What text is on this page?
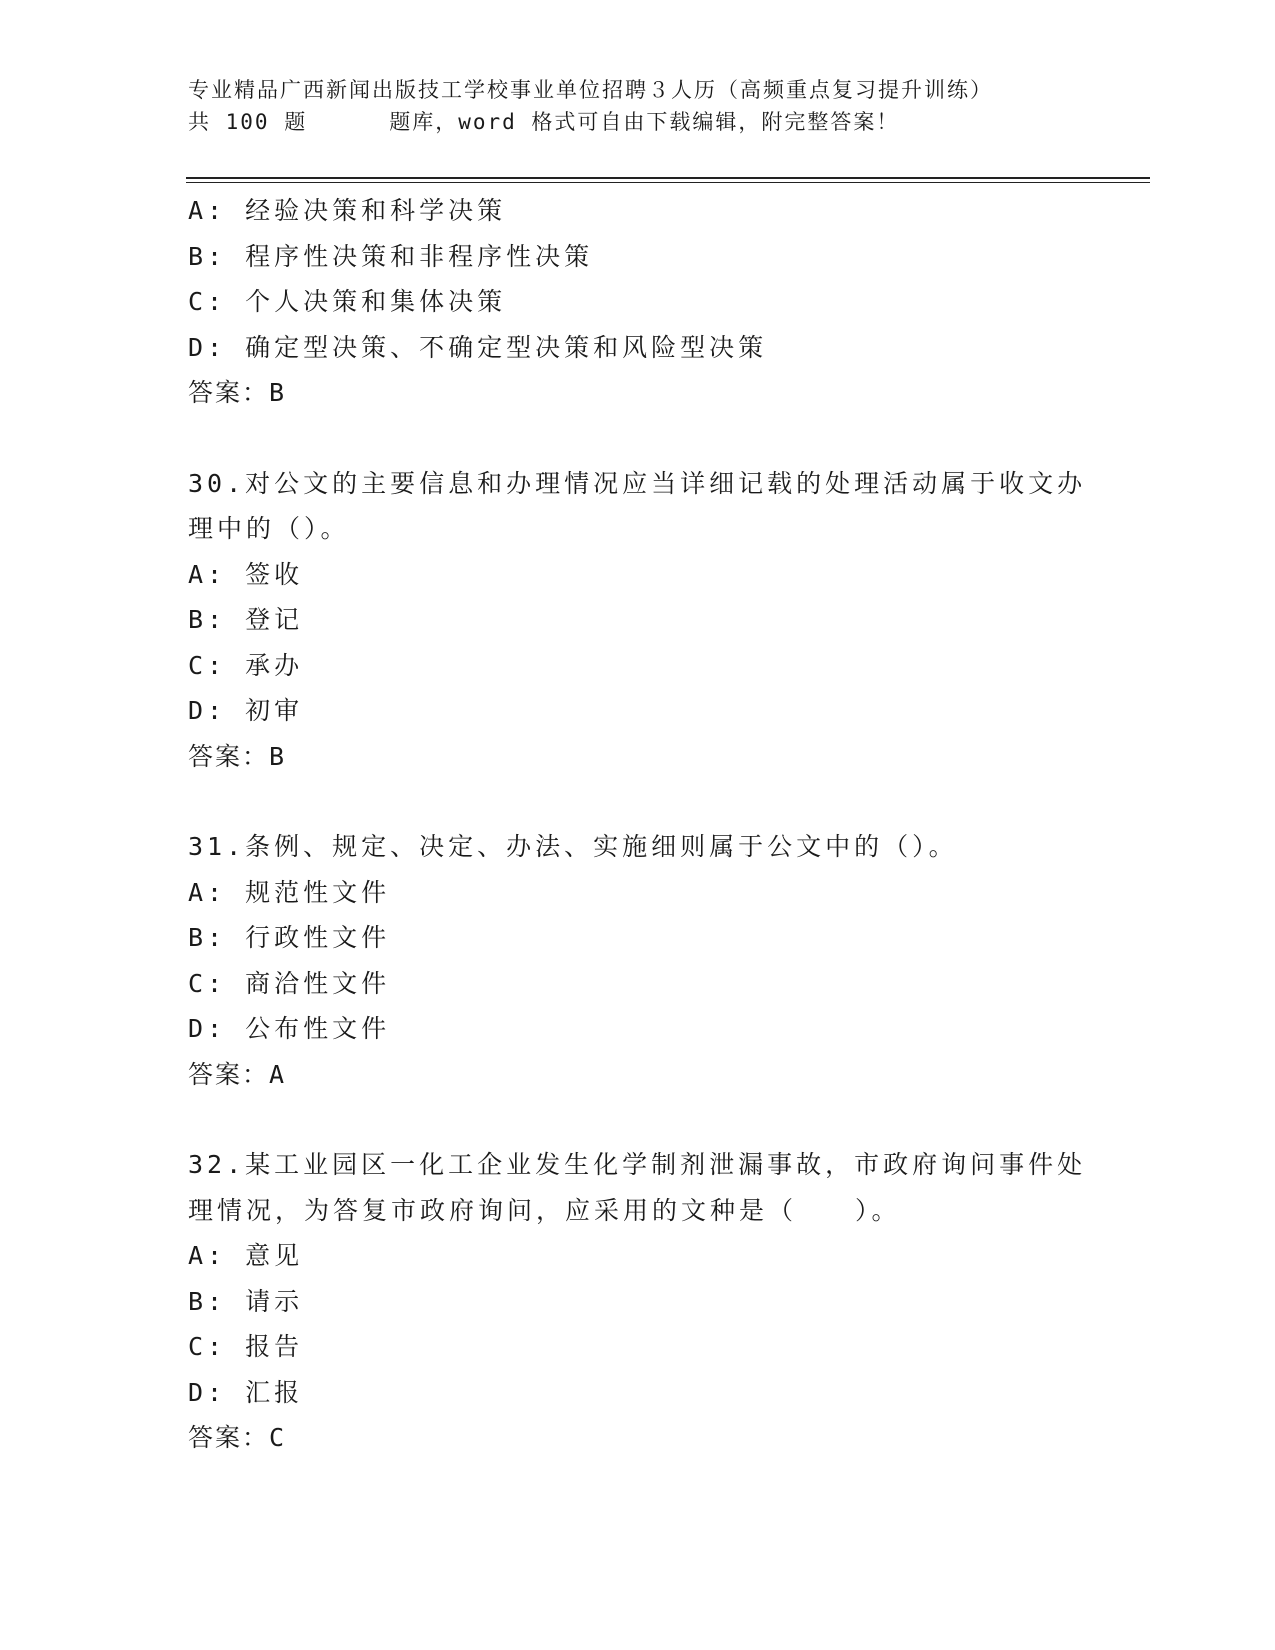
专业精品广西新闻出版技工学校事业单位招聘３人历（高频重点复习提升训练）
共 100 题	题库，word 格式可自由下载编辑，附完整答案！
A: 经验决策和科学决策
B: 程序性决策和非程序性决策
C: 个人决策和集体决策
D: 确定型决策、不确定型决策和风险型决策
答案：B
30.对公文的主要信息和办理情况应当详细记载的处理活动属于收文办
理中的（）。
A: 签收
B: 登记
C: 承办
D: 初审
答案：B
31.条例、规定、决定、办法、实施细则属于公文中的（）。
A: 规范性文件
B: 行政性文件
C: 商洽性文件
D: 公布性文件
答案：A
32.某工业园区一化工企业发生化学制剂泄漏事故，市政府询问事件处
理情况，为答复市政府询问，应采用的文种是（　　）。
A: 意见
B: 请示
C: 报告
D: 汇报
答案：C
